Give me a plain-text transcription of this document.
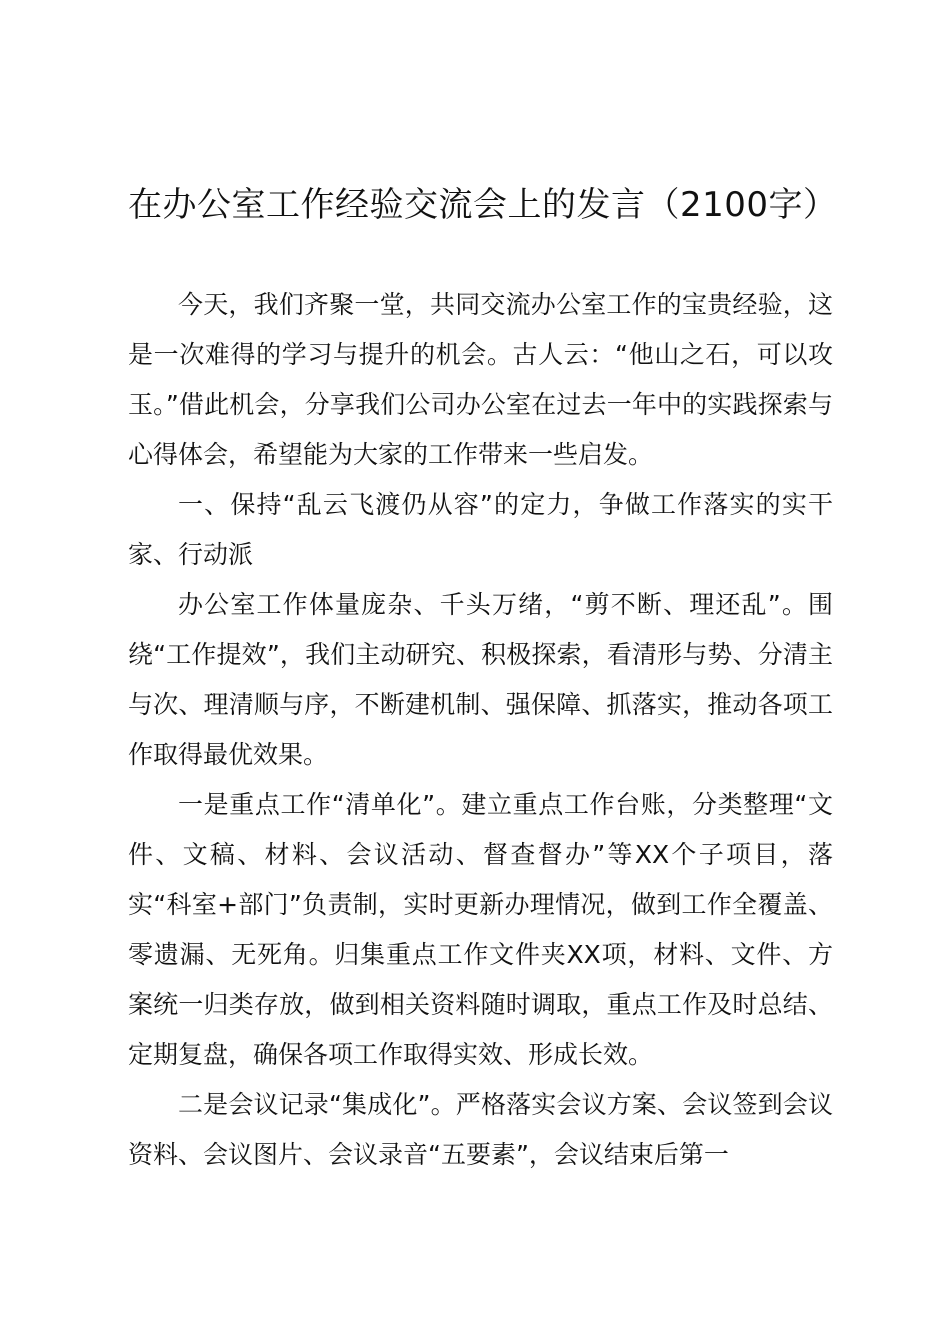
在办公室工作经验交流会上的发言（2100字）

今天，我们齐聚一堂，共同交流办公室工作的宝贵经验，这是一次难得的学习与提升的机会。古人云：“他山之石，可以攻玉。”借此机会，分享我们公司办公室在过去一年中的实践探索与心得体会，希望能为大家的工作带来一些启发。

一、保持“乱云飞渡仍从容”的定力，争做工作落实的实干家、行动派

办公室工作体量庞杂、千头万绪，“剪不断、理还乱”。围绕“工作提效”，我们主动研究、积极探索，看清形与势、分清主与次、理清顺与序，不断建机制、强保障、抓落实，推动各项工作取得最优效果。

一是重点工作“清单化”。建立重点工作台账，分类整理“文件、文稿、材料、会议活动、督查督办”等XX个子项目，落实“科室+部门”负责制，实时更新办理情况，做到工作全覆盖、零遗漏、无死角。归集重点工作文件夹XX项，材料、文件、方案统一归类存放，做到相关资料随时调取，重点工作及时总结、定期复盘，确保各项工作取得实效、形成长效。

二是会议记录“集成化”。严格落实会议方案、会议签到会议资料、会议图片、会议录音“五要素”，会议结束后第一
